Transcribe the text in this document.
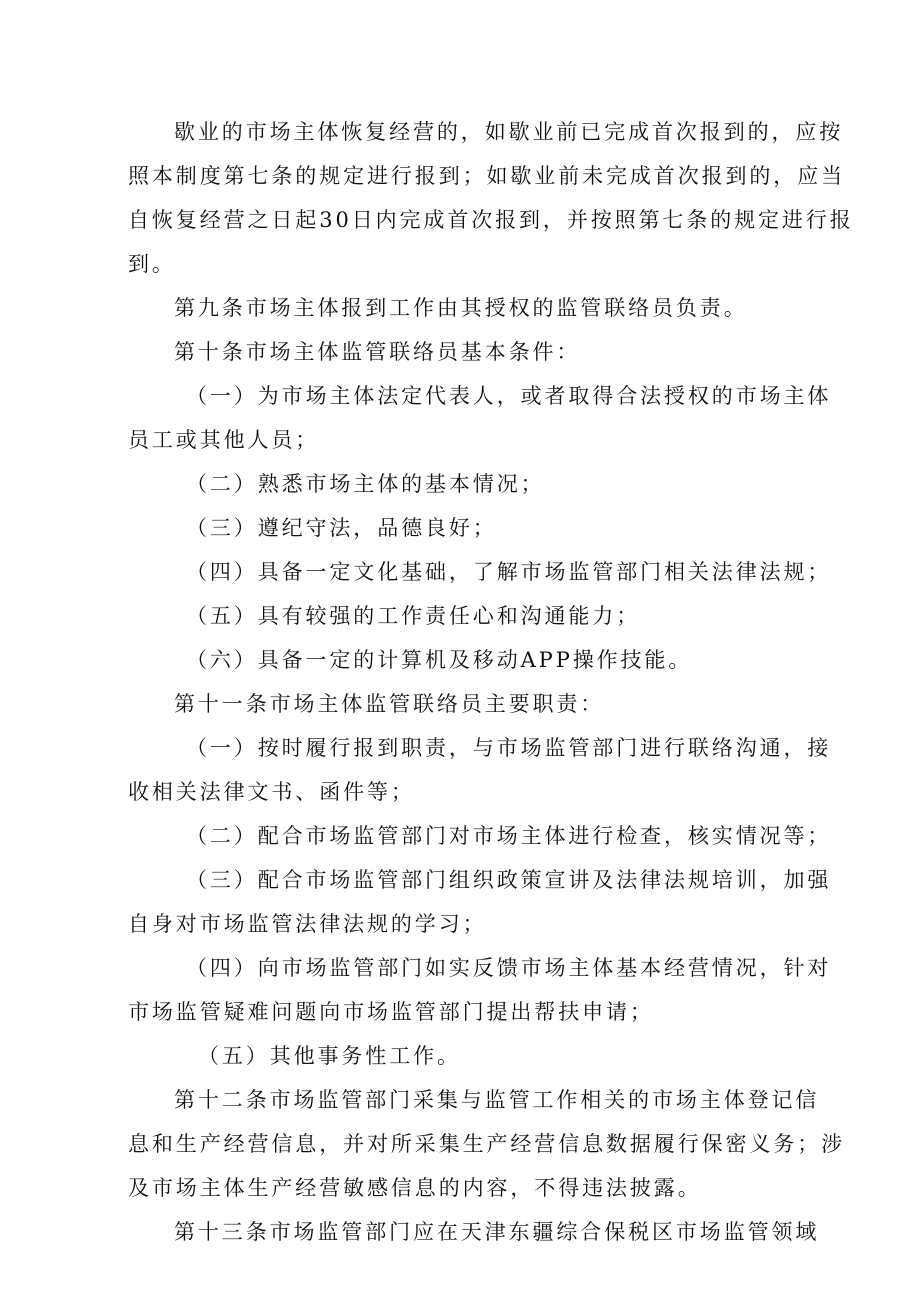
歇业的市场主体恢复经营的，如歇业前已完成首次报到的，应按

照本制度第七条的规定进行报到；如歇业前未完成首次报到的，应当

自恢复经营之日起30日内完成首次报到，并按照第七条的规定进行报

到。

第九条市场主体报到工作由其授权的监管联络员负责。

第十条市场主体监管联络员基本条件：

（一）为市场主体法定代表人，或者取得合法授权的市场主体

员工或其他人员；

（二）熟悉市场主体的基本情况；

（三）遵纪守法，品德良好；

（四）具备一定文化基础，了解市场监管部门相关法律法规；

（五）具有较强的工作责任心和沟通能力；

（六）具备一定的计算机及移动APP操作技能。

第十一条市场主体监管联络员主要职责：

（一）按时履行报到职责，与市场监管部门进行联络沟通，接

收相关法律文书、函件等；

（二）配合市场监管部门对市场主体进行检查，核实情况等；

（三）配合市场监管部门组织政策宣讲及法律法规培训，加强

自身对市场监管法律法规的学习；

（四）向市场监管部门如实反馈市场主体基本经营情况，针对

市场监管疑难问题向市场监管部门提出帮扶申请；

（五）其他事务性工作。

第十二条市场监管部门采集与监管工作相关的市场主体登记信

息和生产经营信息，并对所采集生产经营信息数据履行保密义务；涉

及市场主体生产经营敏感信息的内容，不得违法披露。

第十三条市场监管部门应在天津东疆综合保税区市场监管领域
